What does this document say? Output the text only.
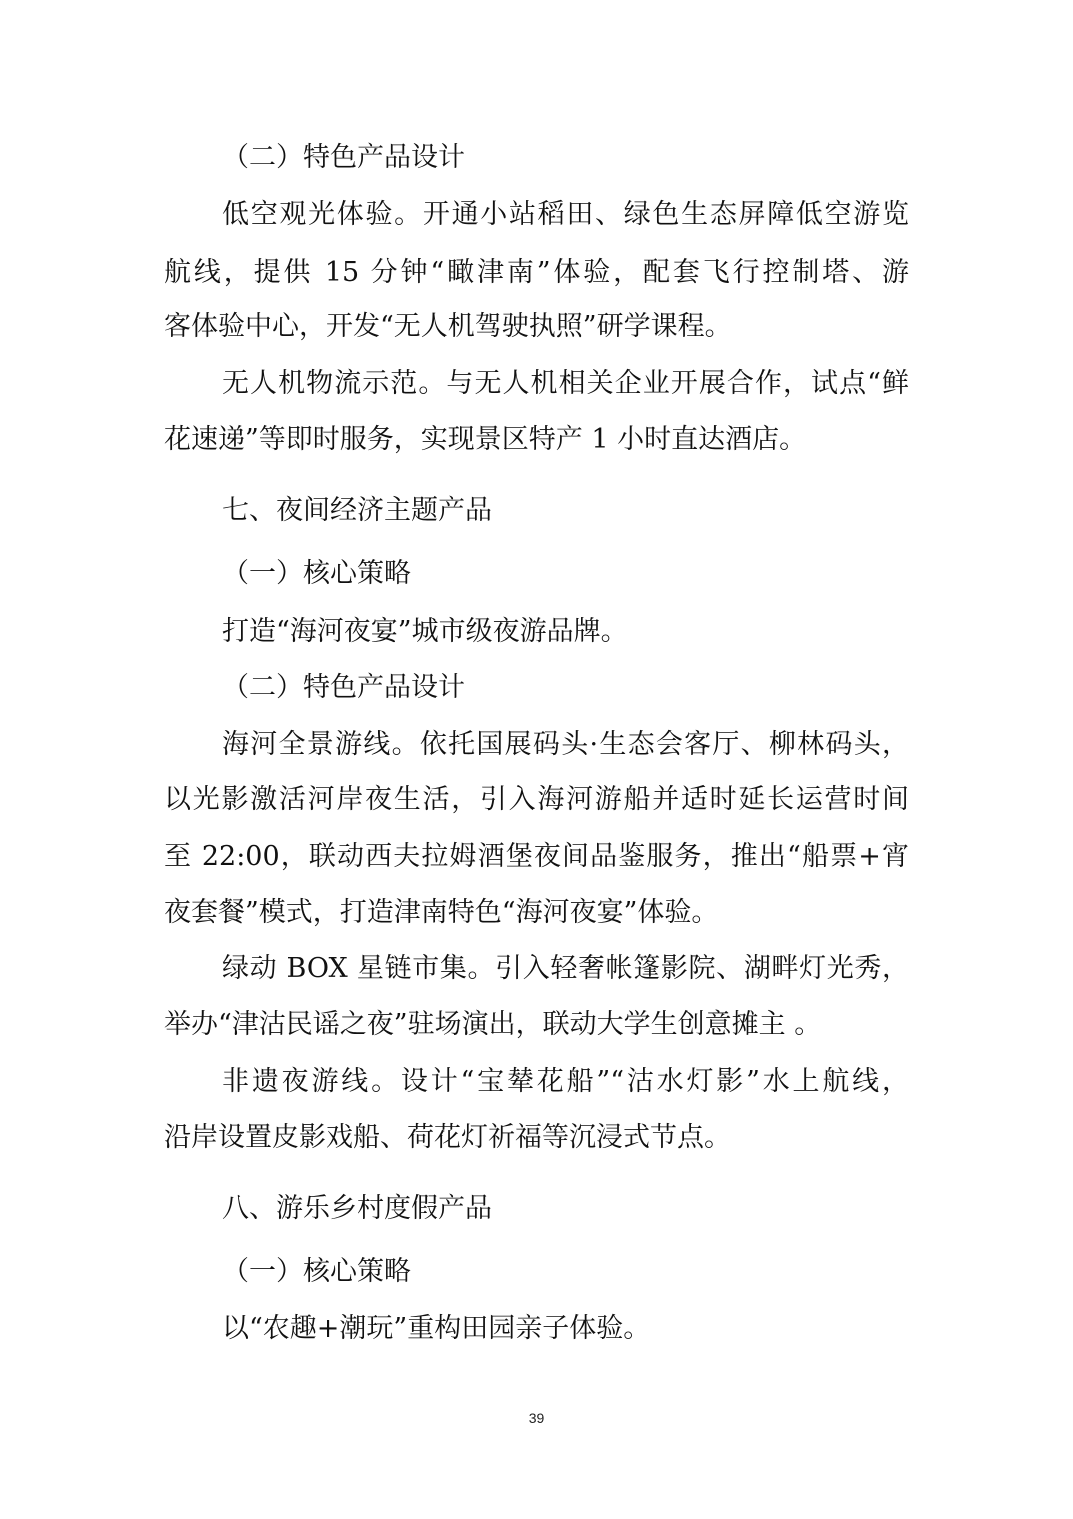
（二）特色产品设计
低空观光体验。开通小站稻田、绿色生态屏障低空游览
航线，提供 15 分钟“瞰津南”体验，配套飞行控制塔、游
客体验中心，开发“无人机驾驶执照”研学课程。
无人机物流示范。与无人机相关企业开展合作，试点“鲜
花速递”等即时服务，实现景区特产 1 小时直达酒店。
七、夜间经济主题产品
（一）核心策略
打造“海河夜宴”城市级夜游品牌。
（二）特色产品设计
海河全景游线。依托国展码头·生态会客厅、柳林码头，
以光影激活河岸夜生活，引入海河游船并适时延长运营时间
至 22:00，联动西夫拉姆酒堡夜间品鉴服务，推出“船票+宵
夜套餐”模式，打造津南特色“海河夜宴”体验。
绿动 BOX 星链市集。引入轻奢帐篷影院、湖畔灯光秀，
举办“津沽民谣之夜”驻场演出，联动大学生创意摊主 。
非遗夜游线。设计“宝辇花船”“沽水灯影”水上航线，
沿岸设置皮影戏船、荷花灯祈福等沉浸式节点。
八、游乐乡村度假产品
（一）核心策略
以“农趣+潮玩”重构田园亲子体验。
39
